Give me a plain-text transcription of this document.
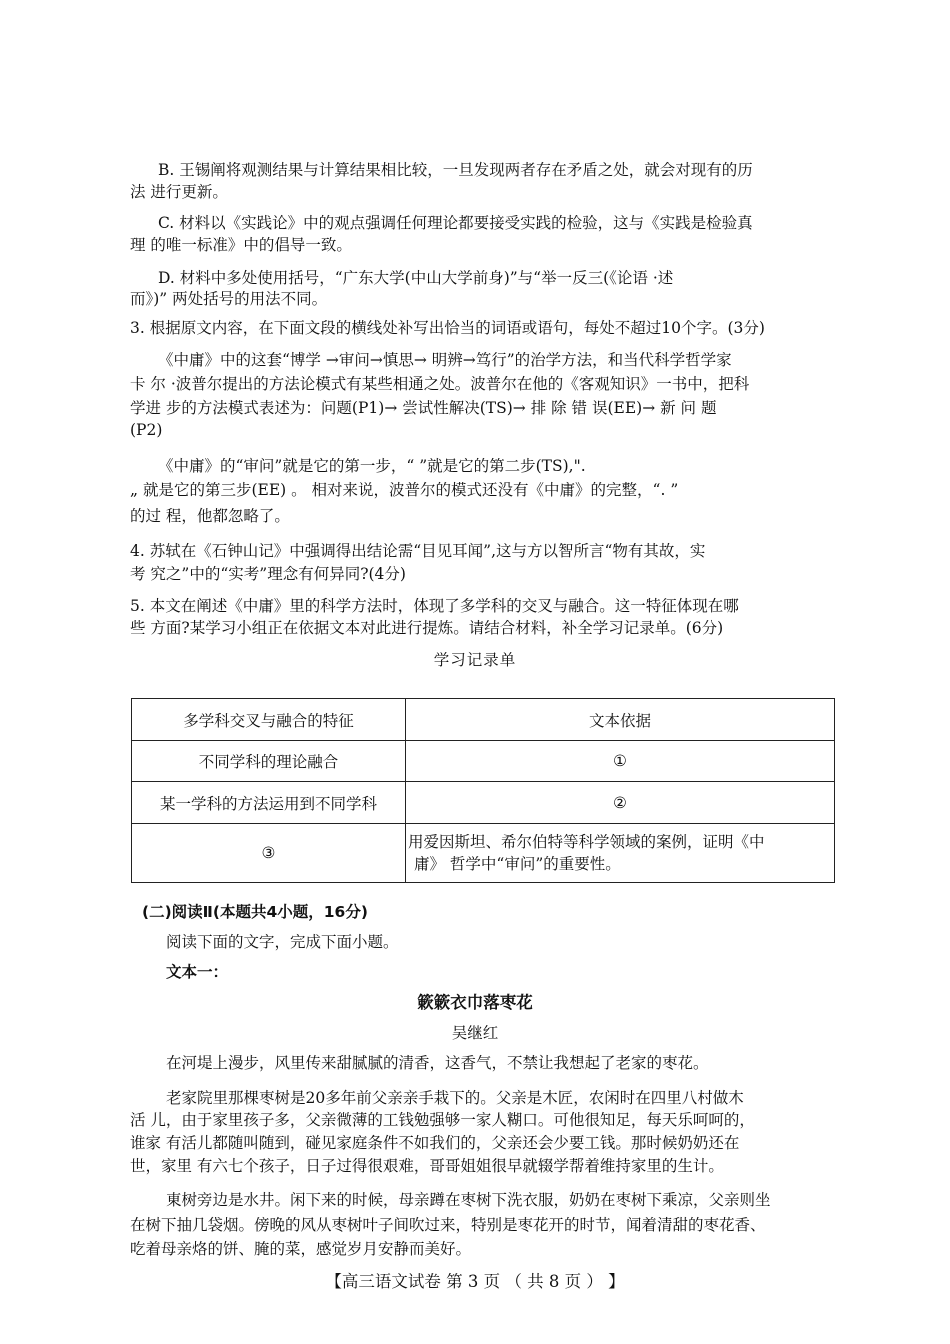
B. 王锡阐将观测结果与计算结果相比较，一旦发现两者存在矛盾之处，就会对现有的历
法 进行更新。
C. 材料以《实践论》中的观点强调任何理论都要接受实践的检验，这与《实践是检验真
理 的唯一标准》中的倡导一致。
D. 材料中多处使用括号，“广东大学(中山大学前身)”与“举一反三(《论语 ·述
而》)” 两处括号的用法不同。
3. 根据原文内容，在下面文段的横线处补写出恰当的词语或语句，每处不超过10个字。(3分)
《中庸》中的这套“博学 →审问→慎思→ 明辨→笃行”的治学方法，和当代科学哲学家
卡 尔 ·波普尔提出的方法论模式有某些相通之处。波普尔在他的《客观知识》一书中，把科
学进 步的方法模式表述为：问题(P1)→ 尝试性解决(TS)→ 排 除 错 误(EE)→ 新 问 题
(P2)
《中庸》的“审问”就是它的第一步，“ ”就是它的第二步(TS),".
„ 就是它的第三步(EE) 。 相对来说，波普尔的模式还没有《中庸》的完整，“. ”
的过 程，他都忽略了。
4. 苏轼在《石钟山记》中强调得出结论需“目见耳闻”,这与方以智所言“物有其故，实
考 究之”中的“实考”理念有何异同?(4分)
5. 本文在阐述《中庸》里的科学方法时，体现了多学科的交叉与融合。这一特征体现在哪
些 方面?某学习小组正在依据文本对此进行提炼。请结合材料，补全学习记录单。(6分)
学习记录单
多学科交叉与融合的特征	文本依据
不同学科的理论融合	①
某一学科的方法运用到不同学科	②
③	用爱因斯坦、希尔伯特等科学领域的案例，证明《中
庸》 哲学中“审问”的重要性。
(二)阅读Ⅱ(本题共4小题，16分)
阅读下面的文字，完成下面小题。
文本一：
簌簌衣巾落枣花
吴继红
在河堤上漫步，风里传来甜腻腻的清香，这香气，不禁让我想起了老家的枣花。
老家院里那棵枣树是20多年前父亲亲手栽下的。父亲是木匠，农闲时在四里八村做木
活 儿，由于家里孩子多，父亲微薄的工钱勉强够一家人糊口。可他很知足，每天乐呵呵的，
谁家 有活儿都随叫随到，碰见家庭条件不如我们的，父亲还会少要工钱。那时候奶奶还在
世，家里 有六七个孩子，日子过得很艰难，哥哥姐姐很早就辍学帮着维持家里的生计。
東树旁边是水井。闲下来的时候，母亲蹲在枣树下洗衣服，奶奶在枣树下乘凉，父亲则坐
在树下抽几袋烟。傍晚的风从枣树叶子间吹过来，特别是枣花开的时节，闻着清甜的枣花香、
吃着母亲烙的饼、腌的菜，感觉岁月安静而美好。
【高三语文试卷 第 3 页 （ 共 8 页 ） 】
